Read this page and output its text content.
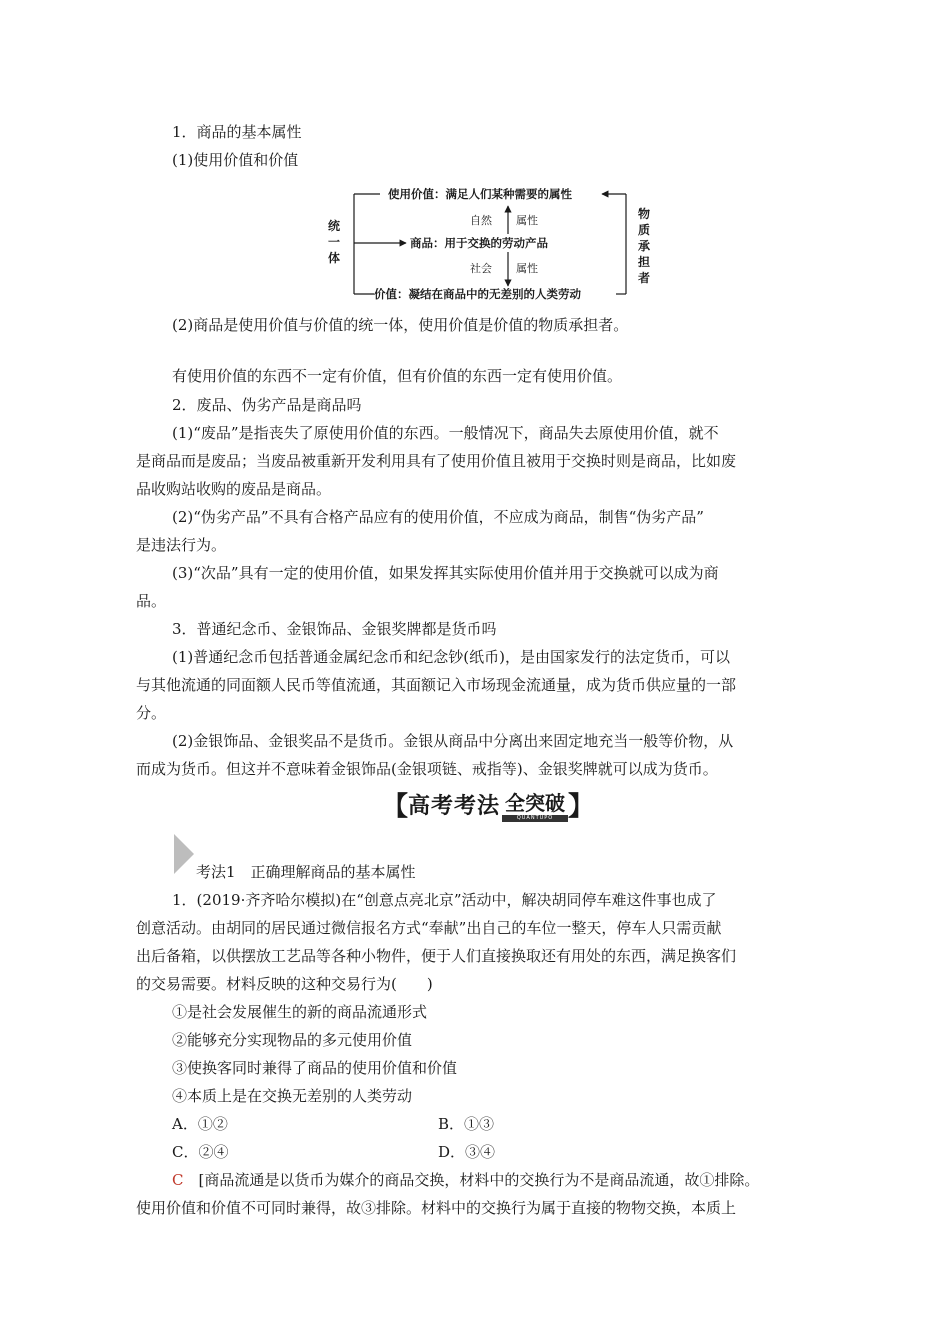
1．商品的基本属性
(1)使用价值和价值
统
一
体
使用价值：满足人们某种需要的属性
商品：用于交换的劳动产品
价值：凝结在商品中的无差别的人类劳动
自然 属性
社会 属性
物
质
承
担
者
(2)商品是使用价值与价值的统一体，使用价值是价值的物质承担者。
有使用价值的东西不一定有价值，但有价值的东西一定有使用价值。
2．废品、伪劣产品是商品吗
(1)“废品”是指丧失了原使用价值的东西。一般情况下，商品失去原使用价值，就不
是商品而是废品；当废品被重新开发利用具有了使用价值且被用于交换时则是商品，比如废
品收购站收购的废品是商品。
(2)“伪劣产品”不具有合格产品应有的使用价值，不应成为商品，制售“伪劣产品”
是违法行为。
(3)“次品”具有一定的使用价值，如果发挥其实际使用价值并用于交换就可以成为商
品。
3．普通纪念币、金银饰品、金银奖牌都是货币吗
(1)普通纪念币包括普通金属纪念币和纪念钞(纸币)，是由国家发行的法定货币，可以
与其他流通的同面额人民币等值流通，其面额记入市场现金流通量，成为货币供应量的一部
分。
(2)金银饰品、金银奖品不是货币。金银从商品中分离出来固定地充当一般等价物，从
而成为货币。但这并不意味着金银饰品(金银项链、戒指等)、金银奖牌就可以成为货币。
【 高考考法 全突破
QUANTUPO 】
考法1　正确理解商品的基本属性
1．(2019·齐齐哈尔模拟)在“创意点亮北京”活动中，解决胡同停车难这件事也成了
创意活动。由胡同的居民通过微信报名方式“奉献”出自己的车位一整天，停车人只需贡献
出后备箱，以供摆放工艺品等各种小物件，便于人们直接换取还有用处的东西，满足换客们
的交易需要。材料反映的这种交易行为(　　)
①是社会发展催生的新的商品流通形式
②能够充分实现物品的多元使用价值
③使换客同时兼得了商品的使用价值和价值
④本质上是在交换无差别的人类劳动
A．①②	B．①③
C．②④	D．③④
C　[商品流通是以货币为媒介的商品交换，材料中的交换行为不是商品流通，故①排除。
使用价值和价值不可同时兼得，故③排除。材料中的交换行为属于直接的物物交换，本质上
